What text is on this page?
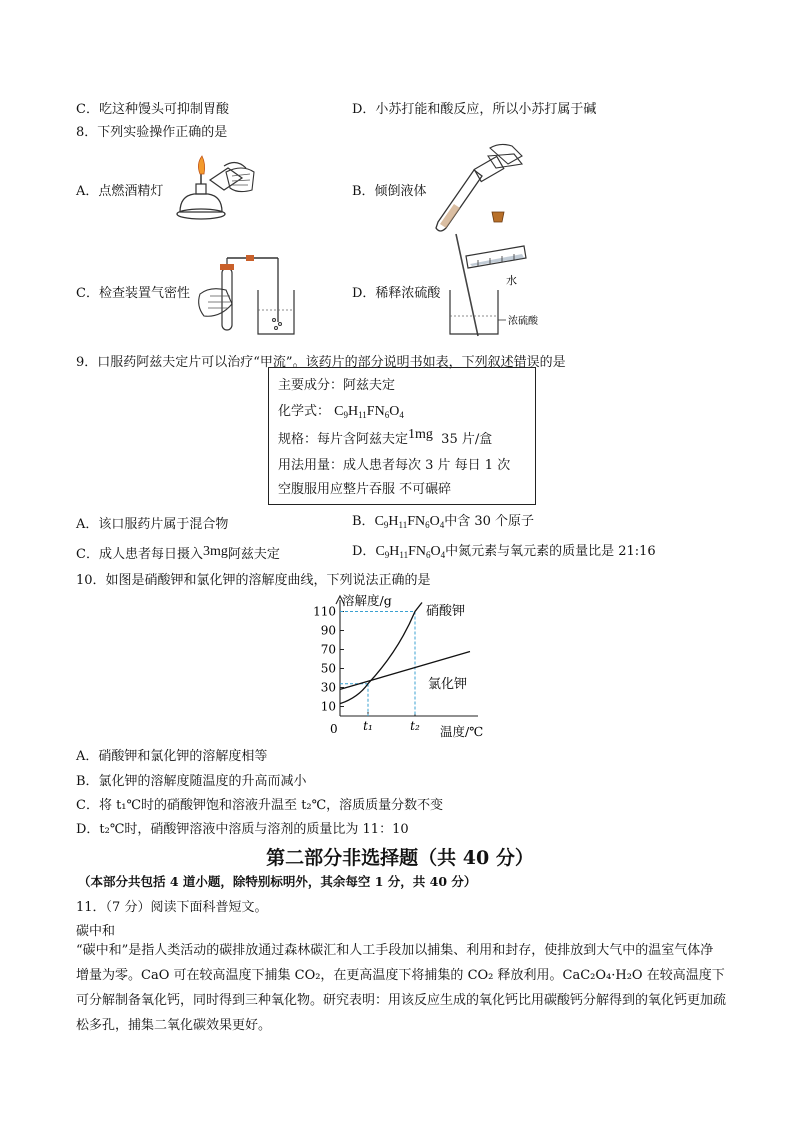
C．吃这种馒头可抑制胃酸	D．小苏打能和酸反应，所以小苏打属于碱
8．下列实验操作正确的是
A．点燃酒精灯	B．倾倒液体
C．检查装置气密性	D．稀释浓硫酸
水
浓硫酸
9．口服药阿兹夫定片可以治疗“甲流”。该药片的部分说明书如表，下列叙述错误的是
主要成分：阿兹夫定
化学式： $C_9H_{11}FN_6O_4$
规格：每片含阿兹夫定1mg 35 片/盒
用法用量：成人患者每次 3 片 每日 1 次
空腹服用应整片吞服 不可碾碎
A．该口服药片属于混合物	B．$C_9H_{11}FN_6O_4$中含 30 个原子
C．成人患者每日摄入3mg阿兹夫定	D．$C_9H_{11}FN_6O_4$中氮元素与氧元素的质量比是 21:16
10．如图是硝酸钾和氯化钾的溶解度曲线，下列说法正确的是
溶解度/g
温度/℃
0
110
90
70
50
30
10
t₁	t₂
硝酸钾
氯化钾
A．硝酸钾和氯化钾的溶解度相等
B．氯化钾的溶解度随温度的升高而减小
C．将 t₁℃时的硝酸钾饱和溶液升温至 t₂℃，溶质质量分数不变
D．t₂℃时，硝酸钾溶液中溶质与溶剂的质量比为 11：10
第二部分非选择题（共 40 分）
（本部分共包括 4 道小题，除特别标明外，其余每空 1 分，共 40 分）
11．（7 分）阅读下面科普短文。
碳中和
“碳中和”是指人类活动的碳排放通过森林碳汇和人工手段加以捕集、利用和封存，使排放到大气中的温室气体净增量为零。CaO 可在较高温度下捕集 CO₂，在更高温度下将捕集的 CO₂ 释放利用。CaC₂O₄·H₂O 在较高温度下可分解制备氧化钙，同时得到三种氧化物。研究表明：用该反应生成的氧化钙比用碳酸钙分解得到的氧化钙更加疏松多孔，捕集二氧化碳效果更好。
